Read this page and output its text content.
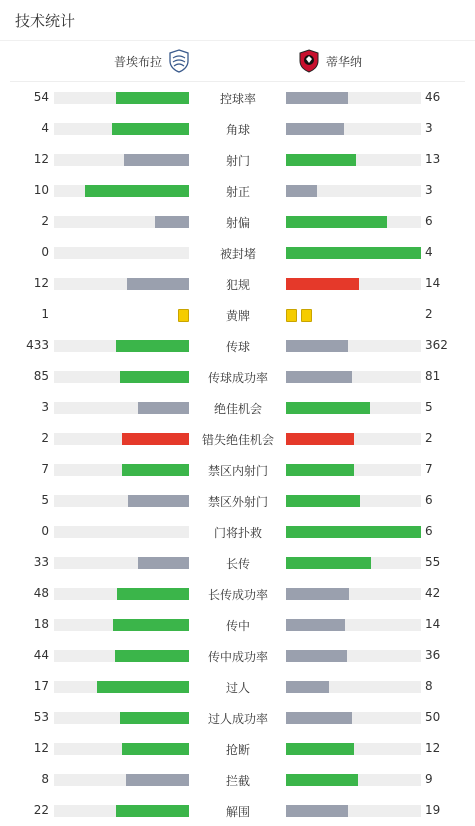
技术统计
普埃布拉	蒂华纳
54	控球率	46
4	角球	3
12	射门	13
10	射正	3
2	射偏	6
0	被封堵	4
12	犯规	14
1	黄牌	2
433	传球	362
85	传球成功率	81
3	绝佳机会	5
2	错失绝佳机会	2
7	禁区内射门	7
5	禁区外射门	6
0	门将扑救	6
33	长传	55
48	长传成功率	42
18	传中	14
44	传中成功率	36
17	过人	8
53	过人成功率	50
12	抢断	12
8	拦截	9
22	解围	19
